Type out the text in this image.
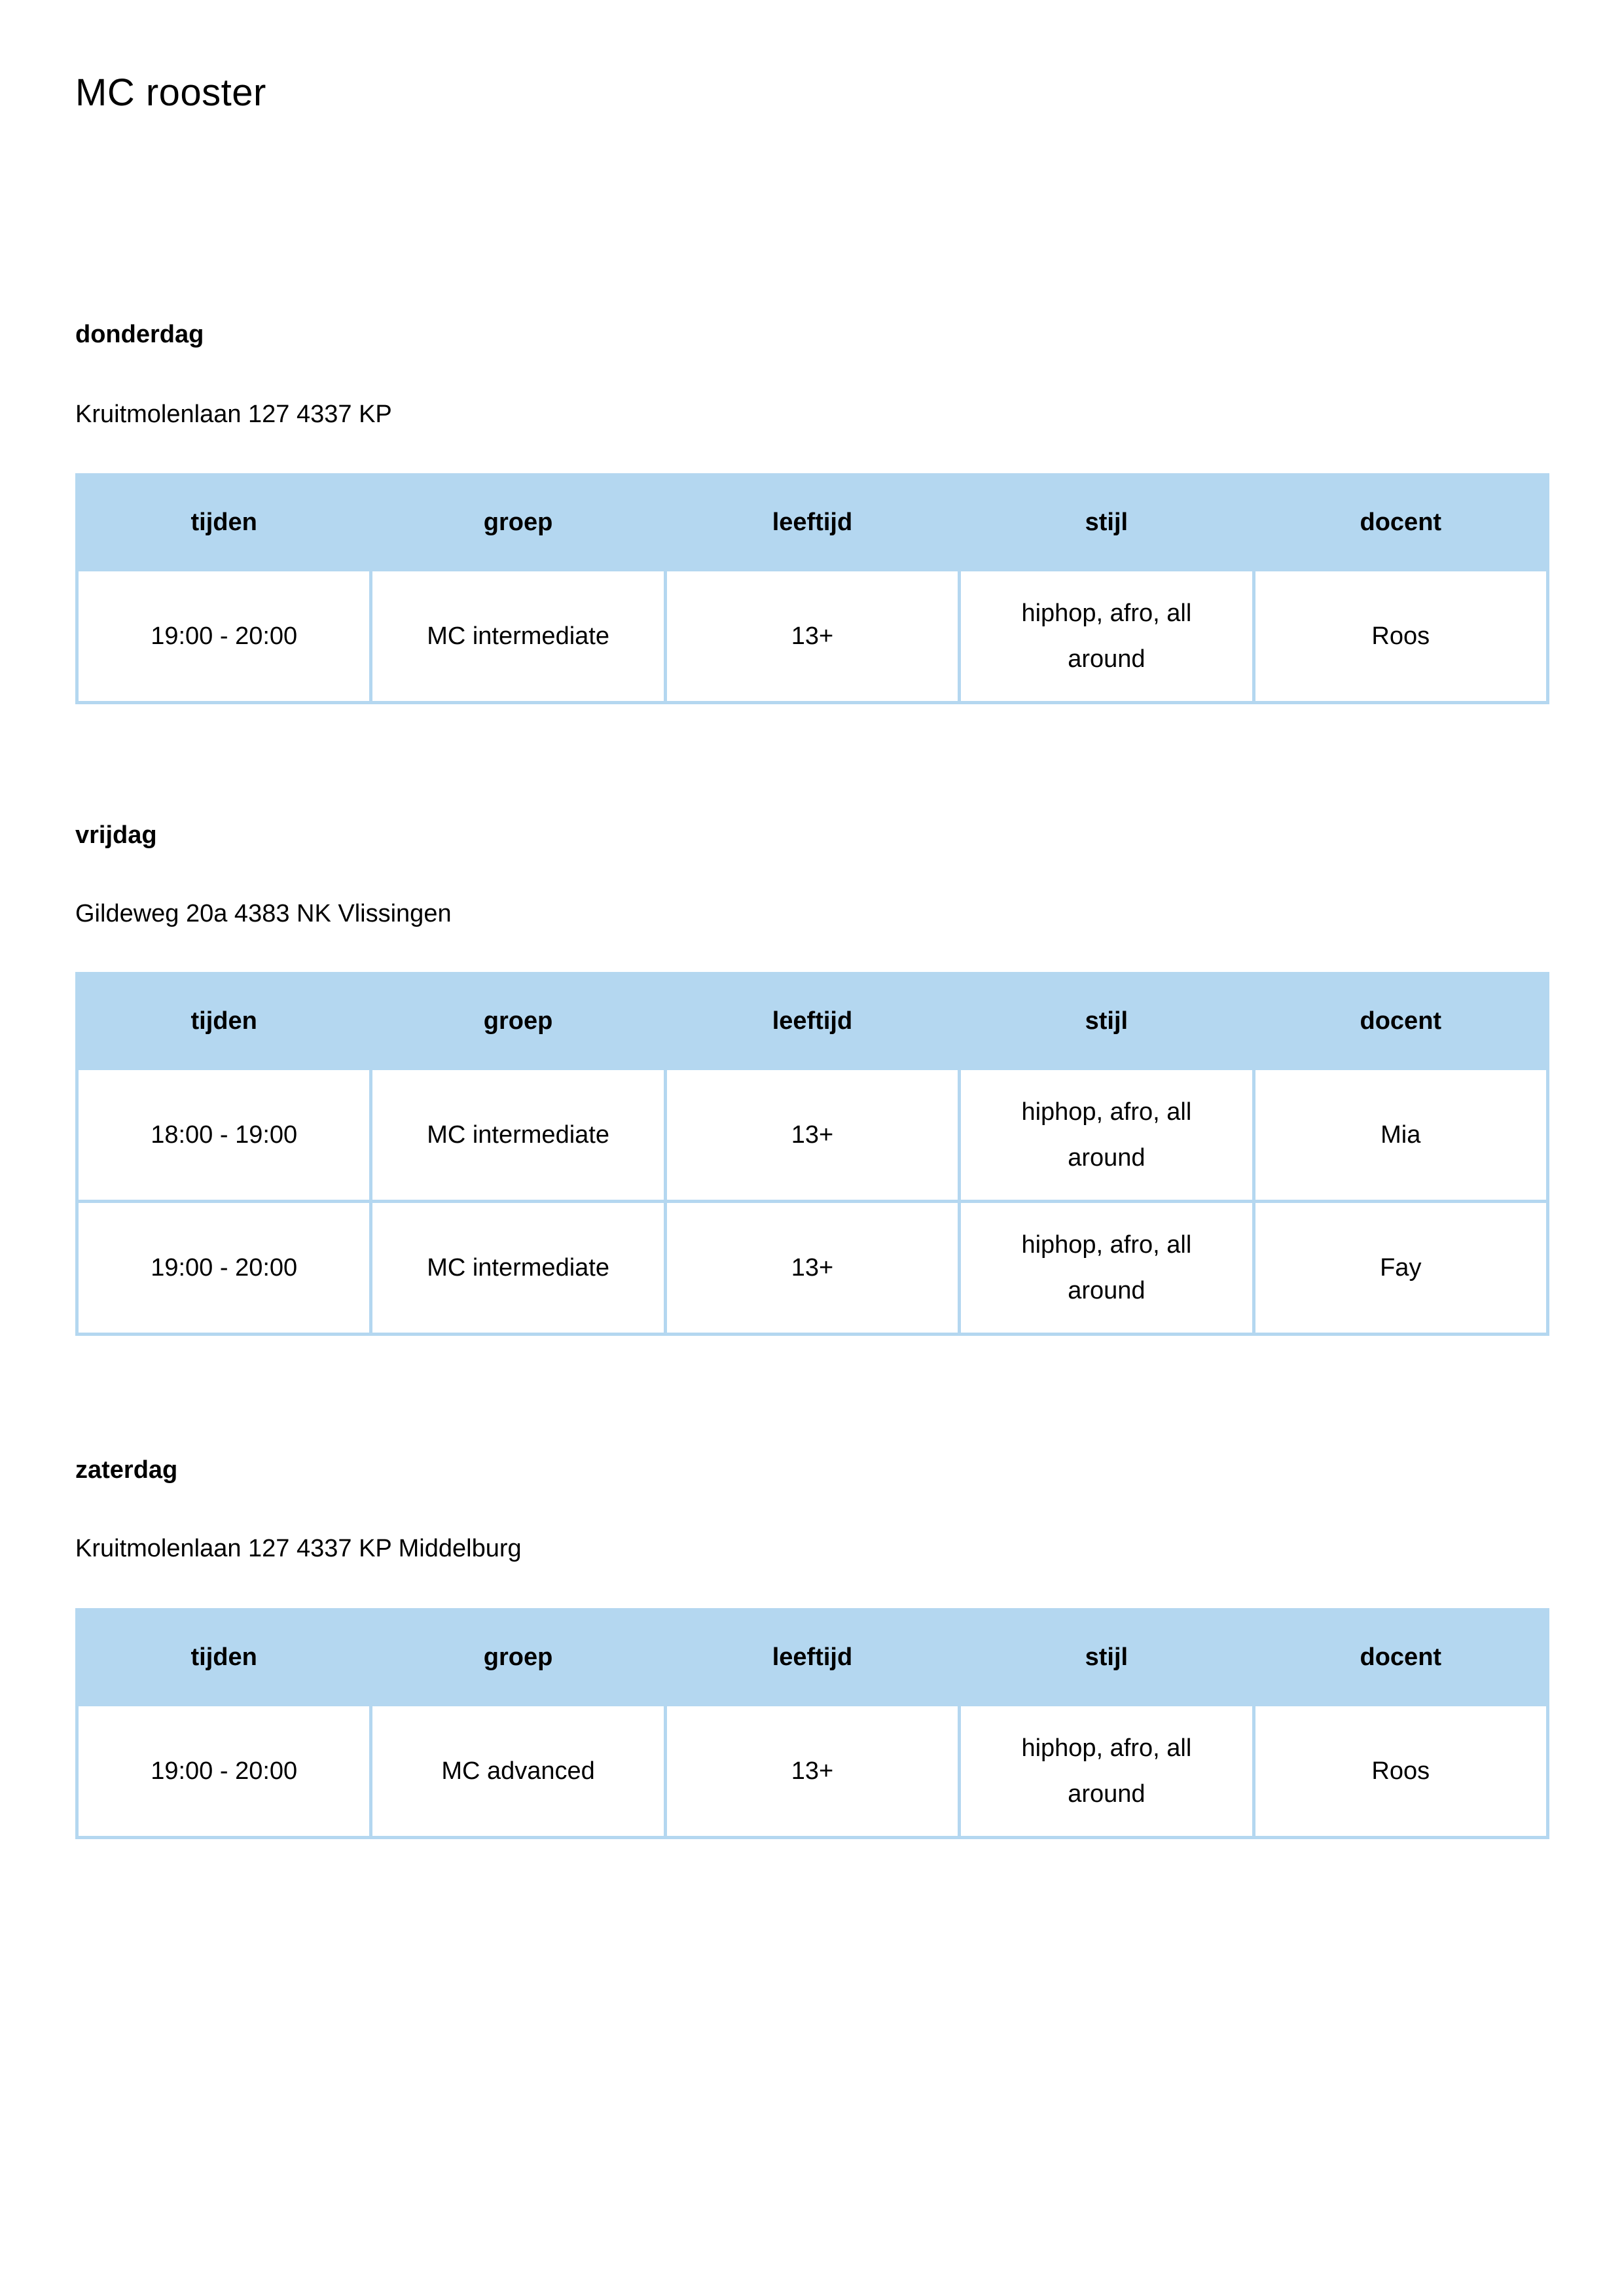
MC rooster
donderdag

Kruitmolenlaan 127 4337 KP

tijden	groep	leeftijd	stijl	docent
19:00 - 20:00	MC intermediate	13+	hiphop, afro, all around	Roos
vrijdag

Gildeweg 20a 4383 NK Vlissingen

tijden	groep	leeftijd	stijl	docent
18:00 - 19:00	MC intermediate	13+	hiphop, afro, all around	Mia
19:00 - 20:00	MC intermediate	13+	hiphop, afro, all around	Fay
zaterdag

Kruitmolenlaan 127 4337 KP Middelburg

tijden	groep	leeftijd	stijl	docent
19:00 - 20:00	MC advanced	13+	hiphop, afro, all around	Roos
